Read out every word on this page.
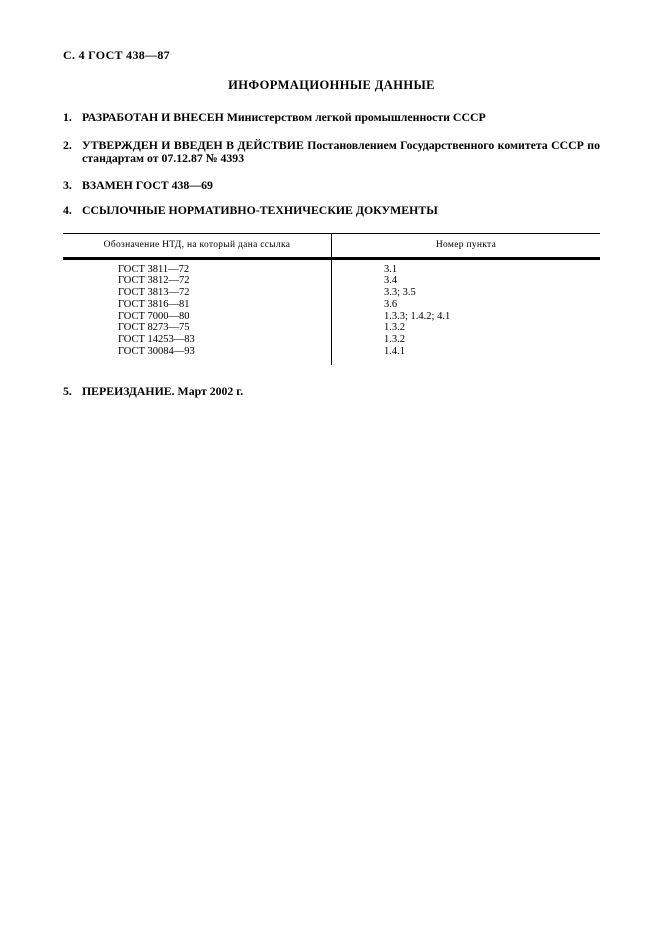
С. 4 ГОСТ 438—87
ИНФОРМАЦИОННЫЕ ДАННЫЕ
1. РАЗРАБОТАН И ВНЕСЕН Министерством легкой промышленности СССР
2. УТВЕРЖДЕН И ВВЕДЕН В ДЕЙСТВИЕ Постановлением Государственного комитета СССР по стандартам от 07.12.87 № 4393
3. ВЗАМЕН ГОСТ 438—69
4. ССЫЛОЧНЫЕ НОРМАТИВНО-ТЕХНИЧЕСКИЕ ДОКУМЕНТЫ
Обозначение НТД, на который дана ссылка	Номер пункта
ГОСТ 3811—72
ГОСТ 3812—72
ГОСТ 3813—72
ГОСТ 3816—81
ГОСТ 7000—80
ГОСТ 8273—75
ГОСТ 14253—83
ГОСТ 30084—93
3.1
3.4
3.3; 3.5
3.6
1.3.3; 1.4.2; 4.1
1.3.2
1.3.2
1.4.1
5. ПЕРЕИЗДАНИЕ. Март 2002 г.
